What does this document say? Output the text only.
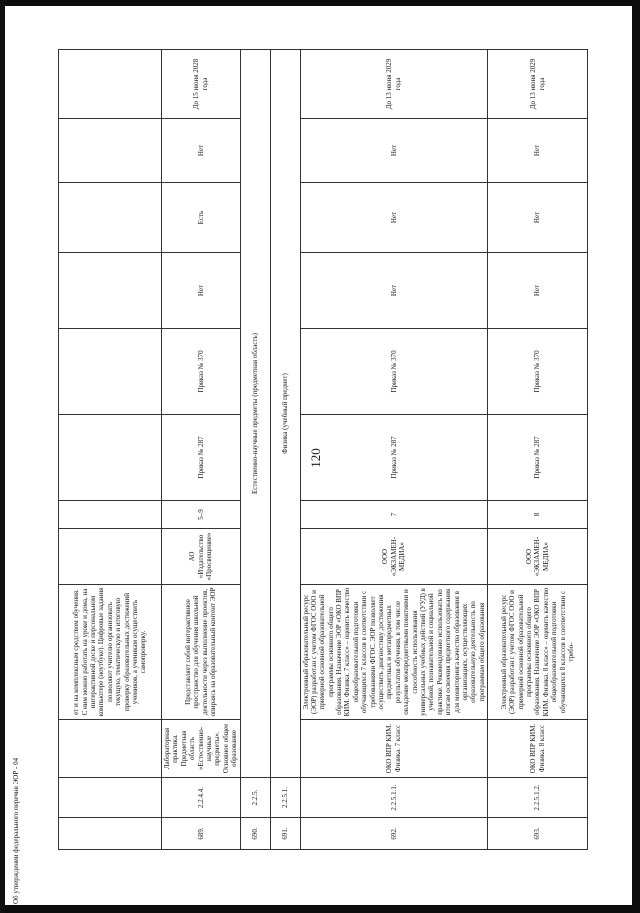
120
			ет и на комплексным средством обучения. С ним можно работать на уроке и дома, на интерактивной доске и персональном компьютере (ноутбуке). Цифровые задания позволяют учителю организовать текущую, тематическую и итоговую проверку образовательных достижений учеников, а ученикам осуществить самопроверку.								
689.	2.2.4.4.	Лабораторная практика. Предметная область «Естественно-научные предметы». Основное общее образование	Представляет собой интерактивное пространство для обучения школьной деятельности через выполнение проектов, опираясь на образовательный контент ЭОР	АО «Издательство «Просвещение»	5–9	Приказ № 287	Приказ № 370	Нет	Есть	Нет	До 15 июня 2028 года
690.	2.2.5.	Естественно-научные предметы (предметная область)									
691.	2.2.5.1.	Физика (учебный предмет)									
692.	2.2.5.1.1.	ОКО ВПР КИМ. Физика. 7 класс	Электронный образовательный ресурс (ЭОР) разработан с учетом ФГОС ООО и примерной основной образовательной программы основного общего образования. Назначение ЭОР «ОКО ВПР КИМ. Физика. 7 класс» – оценить качество общеобразовательной подготовки обучающихся 7 классов в соответствии с требованиями ФГОС. ЭОР позволяет осуществить диагностику достижения предметных и метапредметных результатов обучения, в том числе овладение межпредметными понятиями и способность использования универсальных учебных действий (УУД) в учебной, познавательной и социальной практике. Рекомендовано использовать по итогам освоения предметного содержания для мониторинга качества образования в организациях, осуществляющих образовательную деятельность по программам общего образования	ООО «ЭКЗАМЕН-МЕДИА»	7	Приказ № 287	Приказ № 370	Нет	Нет	Нет	До 13 июня 2029 года
693.	2.2.5.1.2.	ОКО ВПР КИМ. Физика. 8 класс	Электронный образовательный ресурс (ЭОР) разработан с учетом ФГОС ООО и примерной основной образовательной программы основного общего образования. Назначение ЭОР «ОКО ВПР КИМ. Физика. 8 класс» – оценить качество общеобразовательной подготовки обучающихся 8 классов в соответствии с требо-	ООО «ЭКЗАМЕН-МЕДИА»	8	Приказ № 287	Приказ № 370	Нет	Нет	Нет	До 13 июня 2029 года
Об утверждении федерального перечня ЭОР - 04
